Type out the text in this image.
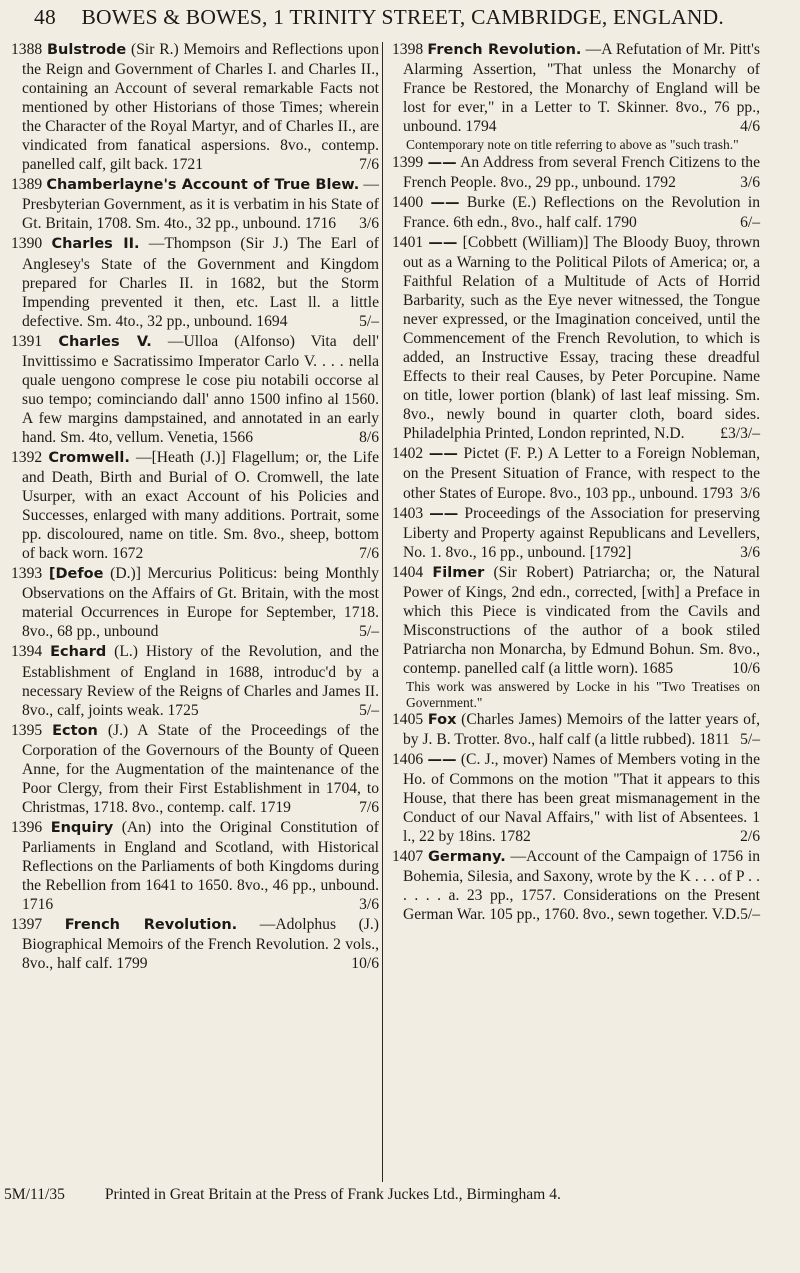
48 BOWES & BOWES, 1 TRINITY STREET, CAMBRIDGE, ENGLAND.

1388 Bulstrode (Sir R.) Memoirs and Reflections upon the Reign and Government of Charles I. and Charles II., containing an Account of several remarkable Facts not mentioned by other Historians of those Times; wherein the Character of the Royal Martyr, and of Charles II., are vindicated from fanatical aspersions. 8vo., contemp. panelled calf, gilt back. 1721	7/6

1389 Chamberlayne's Account of True Blew. —Presbyterian Government, as it is verbatim in his State of Gt. Britain, 1708. Sm. 4to., 32 pp., unbound. 1716 3/6

1390 Charles II. —Thompson (Sir J.) The Earl of Anglesey's State of the Government and Kingdom prepared for Charles II. in 1682, but the Storm Impending prevented it then, etc. Last ll. a little defective. Sm. 4to., 32 pp., unbound. 1694	5/–

1391 Charles V. —Ulloa (Alfonso) Vita dell' Invittissimo e Sacratissimo Imperator Carlo V. . . . nella quale uengono comprese le cose piu notabili occorse al suo tempo; cominciando dall' anno 1500 infino al 1560. A few margins dampstained, and annotated in an early hand. Sm. 4to, vellum. Venetia, 1566	8/6

1392 Cromwell. —[Heath (J.)] Flagellum; or, the Life and Death, Birth and Burial of O. Cromwell, the late Usurper, with an exact Account of his Policies and Successes, enlarged with many additions. Portrait, some pp. discoloured, name on title. Sm. 8vo., sheep, bottom of back worn. 1672	7/6

1393 [Defoe (D.)] Mercurius Politicus: being Monthly Observations on the Affairs of Gt. Britain, with the most material Occurrences in Europe for September, 1718. 8vo., 68 pp., unbound	5/–

1394 Echard (L.) History of the Revolution, and the Establishment of England in 1688, introduc'd by a necessary Review of the Reigns of Charles and James II. 8vo., calf, joints weak. 1725	5/–

1395 Ecton (J.) A State of the Proceedings of the Corporation of the Governours of the Bounty of Queen Anne, for the Augmentation of the maintenance of the Poor Clergy, from their First Establishment in 1704, to Christmas, 1718. 8vo., contemp. calf. 1719	7/6

1396 Enquiry (An) into the Original Constitution of Parliaments in England and Scotland, with Historical Reflections on the Parliaments of both Kingdoms during the Rebellion from 1641 to 1650. 8vo., 46 pp., unbound. 1716	3/6

1397 French Revolution. —Adolphus (J.) Biographical Memoirs of the French Revolution. 2 vols., 8vo., half calf. 1799	10/6

1398 French Revolution. —A Refutation of Mr. Pitt's Alarming Assertion, "That unless the Monarchy of France be Restored, the Monarchy of England will be lost for ever," in a Letter to T. Skinner. 8vo., 76 pp., unbound. 1794	4/6

Contemporary note on title referring to above as "such trash."

1399 —— An Address from several French Citizens to the French People. 8vo., 29 pp., unbound. 1792	3/6

1400 —— Burke (E.) Reflections on the Revolution in France. 6th edn., 8vo., half calf. 1790	6/–

1401 —— [Cobbett (William)] The Bloody Buoy, thrown out as a Warning to the Political Pilots of America; or, a Faithful Relation of a Multitude of Acts of Horrid Barbarity, such as the Eye never witnessed, the Tongue never expressed, or the Imagination conceived, until the Commencement of the French Revolution, to which is added, an Instructive Essay, tracing these dreadful Effects to their real Causes, by Peter Porcupine. Name on title, lower portion (blank) of last leaf missing. Sm. 8vo., newly bound in quarter cloth, board sides. Philadelphia Printed, London reprinted, N.D. £3/3/–

1402 —— Pictet (F. P.) A Letter to a Foreign Nobleman, on the Present Situation of France, with respect to the other States of Europe. 8vo., 103 pp., unbound. 1793 3/6

1403 —— Proceedings of the Association for preserving Liberty and Property against Republicans and Levellers, No. 1. 8vo., 16 pp., unbound. [1792]	3/6

1404 Filmer (Sir Robert) Patriarcha; or, the Natural Power of Kings, 2nd edn., corrected, [with] a Preface in which this Piece is vindicated from the Cavils and Misconstructions of the author of a book stiled Patriarcha non Monarcha, by Edmund Bohun. Sm. 8vo., contemp. panelled calf (a little worn). 1685	10/6

This work was answered by Locke in his "Two Treatises on Government."

1405 Fox (Charles James) Memoirs of the latter years of, by J. B. Trotter. 8vo., half calf (a little rubbed). 1811 5/–

1406 —— (C. J., mover) Names of Members voting in the Ho. of Commons on the motion "That it appears to this House, that there has been great mismanagement in the Conduct of our Naval Affairs," with list of Absentees. 1 l., 22 by 18ins. 1782	2/6

1407 Germany. —Account of the Campaign of 1756 in Bohemia, Silesia, and Saxony, wrote by the K . . . of P . . . . . . a. 23 pp., 1757. Considerations on the Present German War. 105 pp., 1760. 8vo., sewn together. V.D. 5/–

5M/11/35	Printed in Great Britain at the Press of Frank Juckes Ltd., Birmingham 4.
